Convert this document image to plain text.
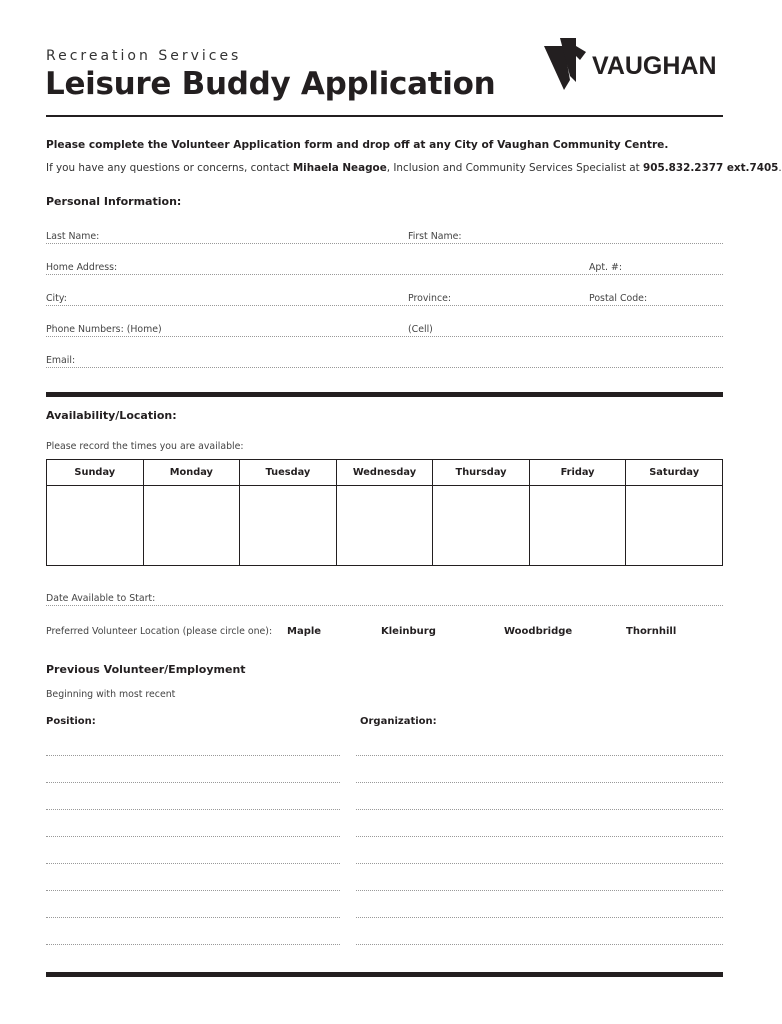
Recreation Services
Leisure Buddy Application	VAUGHAN
Please complete the Volunteer Application form and drop off at any City of Vaughan Community Centre.
If you have any questions or concerns, contact Mihaela Neagoe, Inclusion and Community Services Specialist at 905.832.2377 ext.7405.
Personal Information:
Last Name:	First Name:
Home Address:	Apt. #:
City:	Province:	Postal Code:
Phone Numbers: (Home)	(Cell)
Email:
Availability/Location:
Please record the times you are available:
Sunday	Monday	Tuesday	Wednesday	Thursday	Friday	Saturday

Date Available to Start:
Preferred Volunteer Location (please circle one): Maple	Kleinburg	Woodbridge	Thornhill
Previous Volunteer/Employment
Beginning with most recent
Position:	Organization:
